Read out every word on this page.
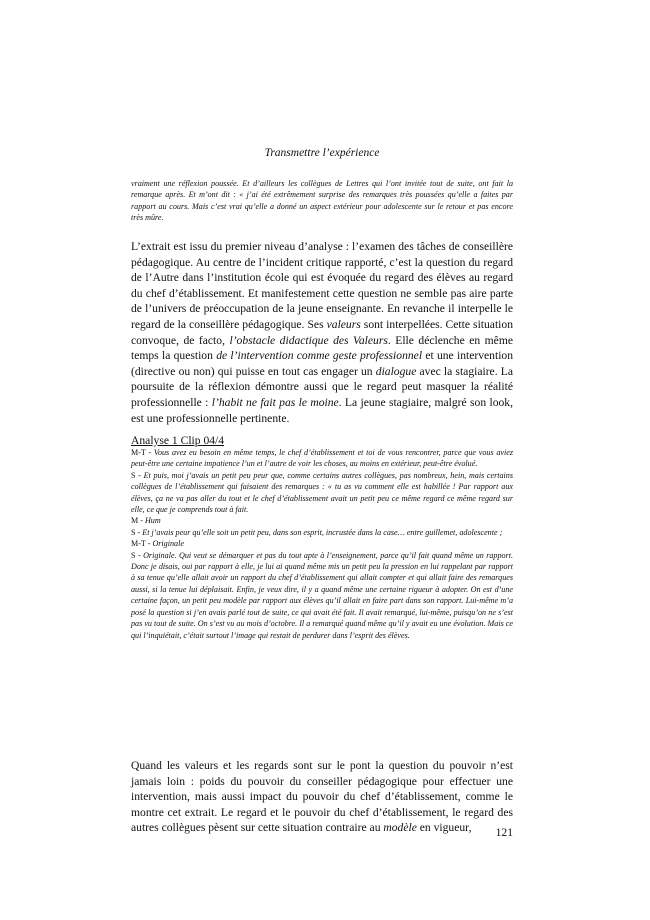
Transmettre l’expérience
vraiment une réflexion poussée. Et d’ailleurs les collègues de Lettres qui l’ont invitée tout de suite, ont fait la remarque après. Et m’ont dit : « j’ai été extrêmement surprise des remarques très poussées qu’elle a faites par rapport au cours. Mais c’est vrai qu’elle a donné un aspect extérieur pour adolescente sur le retour et pas encore très mûre.
L’extrait est issu du premier niveau d’analyse : l’examen des tâches de conseillère pédagogique. Au centre de l’incident critique rapporté, c’est la question du regard de l’Autre dans l’institution école qui est évoquée du regard des élèves au regard du chef d’établissement. Et manifestement cette question ne semble pas aire parte de l’univers de préoccupation de la jeune enseignante. En revanche il interpelle le regard de la conseillère pédagogique. Ses valeurs sont interpellées. Cette situation convoque, de facto, l’obstacle didactique des Valeurs. Elle déclenche en même temps la question de l’intervention comme geste professionnel et une intervention (directive ou non) qui puisse en tout cas engager un dialogue avec la stagiaire. La poursuite de la réflexion démontre aussi que le regard peut masquer la réalité professionnelle : l’habit ne fait pas le moine. La jeune stagiaire, malgré son look, est une professionnelle pertinente.
Analyse 1 Clip 04/4
M-T - Vous avez eu besoin en même temps, le chef d’établissement et toi de vous rencontrer, parce que vous aviez peut-être une certaine impatience l’un et l’autre de voir les choses, au moins en extérieur, peut-être évolué.
S - Et puis, moi j’avais un petit peu peur que, comme certains autres collègues, pas nombreux, hein, mais certains collègues de l’établissement qui faisaient des remarques : « tu as vu comment elle est habillée ! Par rapport aux élèves, ça ne va pas aller du tout et le chef d’établissement avait un petit peu ce même regard ce même regard sur elle, ce que je comprends tout à fait.
M - Hum
S - Et j’avais peur qu’elle soit un petit peu, dans son esprit, incrustée dans la case… entre guillemet, adolescente ;
M-T - Originale
S - Originale. Qui veut se démarquer et pas du tout apte à l’enseignement, parce qu’il fait quand même un rapport. Donc je disais, oui par rapport à elle, je lui ai quand même mis un petit peu la pression en lui rappelant par rapport à sa tenue qu’elle allait avoir un rapport du chef d’établissement qui allait compter et qui allait faire des remarques aussi, si la tenue lui déplaisait. Enfin, je veux dire, il y a quand même une certaine rigueur à adopter. On est d’une certaine façon, un petit peu modèle par rapport aux élèves qu’il allait en faire part dans son rapport. Lui-même m’a posé la question si j’en avais parlé tout de suite, ce qui avait été fait. Il avait remarqué, lui-même, puisqu’on ne s’est pas vu tout de suite. On s’est vu au mois d’octobre. Il a remarqué quand même qu’il y avait eu une évolution. Mais ce qui l’inquiétait, c’était surtout l’image qui restait de perdurer dans l’esprit des élèves.
Quand les valeurs et les regards sont sur le pont la question du pouvoir n’est jamais loin : poids du pouvoir du conseiller pédagogique pour effectuer une intervention, mais aussi impact du pouvoir du chef d’établissement, comme le montre cet extrait. Le regard et le pouvoir du chef d’établissement, le regard des autres collègues pèsent sur cette situation contraire au modèle en vigueur,	121
